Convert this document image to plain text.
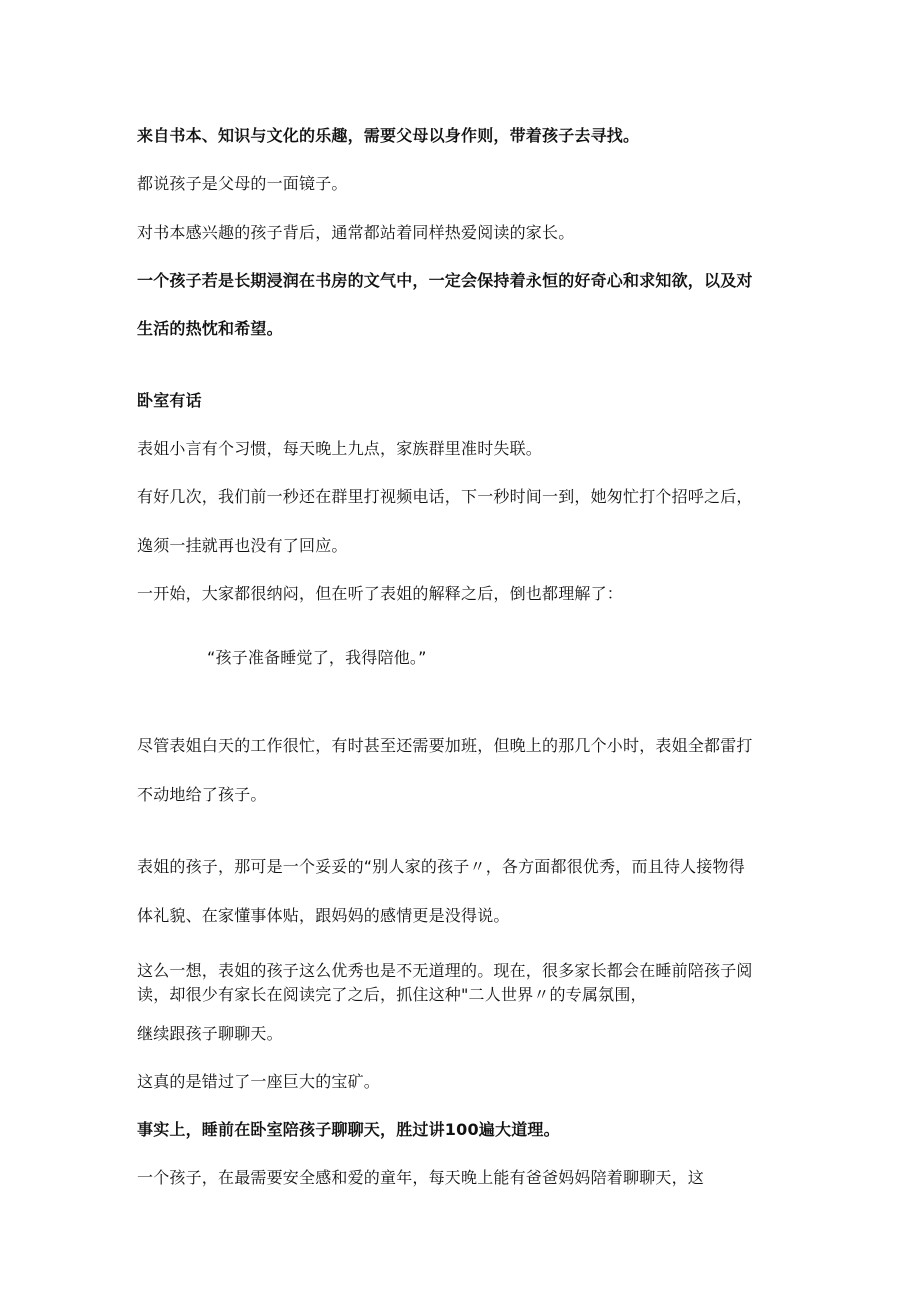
来自书本、知识与文化的乐趣，需要父母以身作则，带着孩子去寻找。

都说孩子是父母的一面镜子。

对书本感兴趣的孩子背后，通常都站着同样热爱阅读的家长。

一个孩子若是长期浸润在书房的文气中，一定会保持着永恒的好奇心和求知欲，以及对

生活的热忱和希望。

卧室有话

表姐小言有个习惯，每天晚上九点，家族群里准时失联。

有好几次，我们前一秒还在群里打视频电话，下一秒时间一到，她匆忙打个招呼之后，

逸须一挂就再也没有了回应。

一开始，大家都很纳闷，但在听了表姐的解释之后，倒也都理解了：

“孩子准备睡觉了，我得陪他。”

尽管表姐白天的工作很忙，有时甚至还需要加班，但晚上的那几个小时，表姐全都雷打

不动地给了孩子。

表姐的孩子，那可是一个妥妥的“别人家的孩子〃，各方面都很优秀，而且待人接物得

体礼貌、在家懂事体贴，跟妈妈的感情更是没得说。

这么一想，表姐的孩子这么优秀也是不无道理的。现在，很多家长都会在睡前陪孩子阅

读，却很少有家长在阅读完了之后，抓住这种"二人世界〃的专属氛围，

继续跟孩子聊聊天。

这真的是错过了一座巨大的宝矿。

事实上，睡前在卧室陪孩子聊聊天，胜过讲100遍大道理。

一个孩子，在最需要安全感和爱的童年，每天晚上能有爸爸妈妈陪着聊聊天，这
